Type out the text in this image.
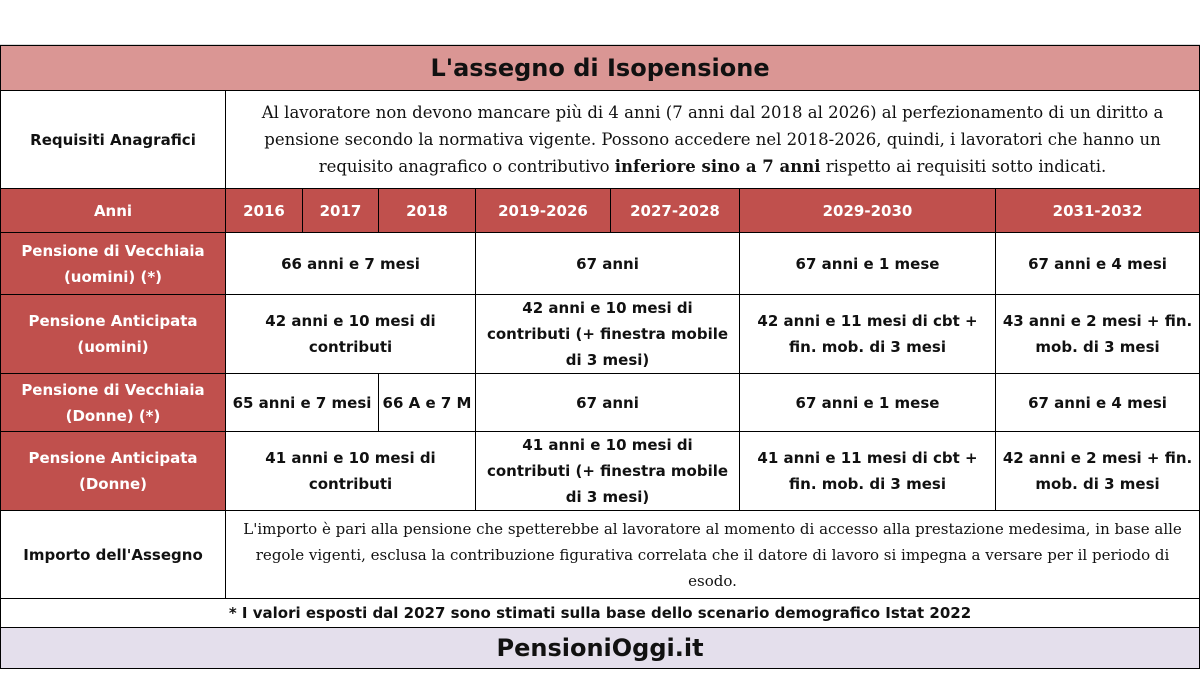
L'assegno di Isopensione							
Requisiti Anagrafici	Al lavoratore non devono mancare più di 4 anni (7 anni dal 2018 al 2026) al perfezionamento di un diritto a pensione secondo la normativa vigente. Possono accedere nel 2018-2026, quindi, i lavoratori che hanno un requisito anagrafico o contributivo inferiore sino a 7 anni rispetto ai requisiti sotto indicati.						
Anni	2016	2017	2018	2019-2026	2027-2028	2029-2030	2031-2032
Pensione di Vecchiaia (uomini) (*)	66 anni e 7 mesi			67 anni		67 anni e 1 mese	67 anni e 4 mesi
Pensione Anticipata (uomini)	42 anni e 10 mesi di contributi			42 anni e 10 mesi di contributi (+ finestra mobile di 3 mesi)		42 anni e 11 mesi di cbt + fin. mob. di 3 mesi	43 anni e 2 mesi + fin. mob. di 3 mesi
Pensione di Vecchiaia (Donne) (*)	65 anni e 7 mesi		66 A e 7 M	67 anni		67 anni e 1 mese	67 anni e 4 mesi
Pensione Anticipata (Donne)	41 anni e 10 mesi di contributi			41 anni e 10 mesi di contributi (+ finestra mobile di 3 mesi)		41 anni e 11 mesi di cbt + fin. mob. di 3 mesi	42 anni e 2 mesi + fin. mob. di 3 mesi
Importo dell'Assegno	L'importo è pari alla pensione che spetterebbe al lavoratore al momento di accesso alla prestazione medesima, in base alle regole vigenti, esclusa la contribuzione figurativa correlata che il datore di lavoro si impegna a versare per il periodo di esodo.						
* I valori esposti dal 2027 sono stimati sulla base dello scenario demografico Istat 2022							
PensioniOggi.it							
